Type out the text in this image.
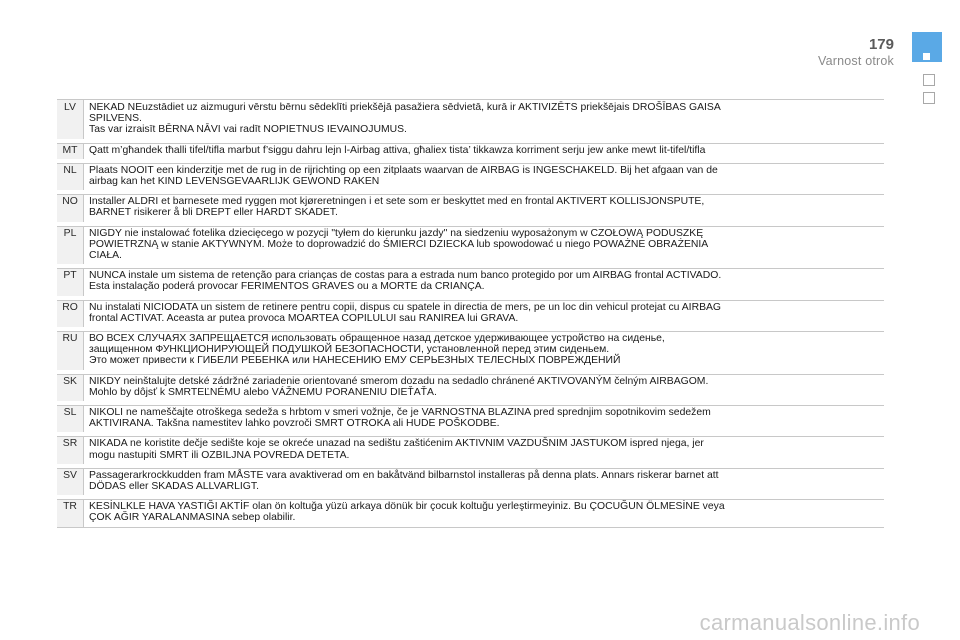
179
Varnost otrok
LV	NEKAD NEuzstādiet uz aizmuguri vērstu bērnu sēdeklīti priekšējā pasažiera sēdvietā, kurā ir AKTIVIZĒTS priekšējais DROŠĪBAS GAISA
SPILVENS.
Tas var izraisīt BĒRNA NĀVI vai radīt NOPIETNUS IEVAINOJUMUS.

MT	Qatt m’għandek tħalli tifel/tifla marbut f’siggu dahru lejn l-Airbag attiva, għaliex tista’ tikkawza korriment serju jew anke mewt lit-tifel/tifla

NL	Plaats NOOIT een kinderzitje met de rug in de rijrichting op een zitplaats waarvan de AIRBAG is INGESCHAKELD. Bij het afgaan van de
airbag kan het KIND LEVENSGEVAARLIJK GEWOND RAKEN

NO	Installer ALDRI et barnesete med ryggen mot kjøreretningen i et sete som er beskyttet med en frontal AKTIVERT KOLLISJONSPUTE,
BARNET risikerer å bli DREPT eller HARDT SKADET.

PL	NIGDY nie instalować fotelika dziecięcego w pozycji "tyłem do kierunku jazdy" na siedzeniu wyposażonym w CZOŁOWĄ PODUSZKĘ
POWIETRZNĄ w stanie AKTYWNYM. Może to doprowadzić do ŚMIERCI DZIECKA lub spowodować u niego POWAŻNE OBRAŻENIA
CIAŁA.

PT	NUNCA instale um sistema de retenção para crianças de costas para a estrada num banco protegido por um AIRBAG frontal ACTIVADO.
Esta instalação poderá provocar FERIMENTOS GRAVES ou a MORTE da CRIANÇA.

RO	Nu instalati NICIODATA un sistem de retinere pentru copii, dispus cu spatele in directia de mers, pe un loc din vehicul protejat cu AIRBAG
frontal ACTIVAT. Aceasta ar putea provoca MOARTEA COPILULUI sau RANIREA lui GRAVA.

RU	ВО ВСЕХ СЛУЧАЯХ ЗАПРЕЩАЕТСЯ использовать обращенное назад детское удерживающее устройство на сиденье,
защищенном ФУНКЦИОНИРУЮЩЕЙ ПОДУШКОЙ БЕЗОПАСНОСТИ, установленной перед этим сиденьем.
Это может привести к ГИБЕЛИ РЕБЕНКА или НАНЕСЕНИЮ ЕМУ СЕРЬЕЗНЫХ ТЕЛЕСНЫХ ПОВРЕЖДЕНИЙ

SK	NIKDY neinštalujte detské zádržné zariadenie orientované smerom dozadu na sedadlo chránené AKTIVOVANÝM čelným AIRBAGOM.
Mohlo by dôjsť k SMRTEĽNÉMU alebo VÁŽNEMU PORANENIU DIEŤAŤA.

SL	NIKOLI ne nameščajte otroškega sedeža s hrbtom v smeri vožnje, če je VARNOSTNA BLAZINA pred sprednjim sopotnikovim sedežem
AKTIVIRANA. Takšna namestitev lahko povzroči SMRT OTROKA ali HUDE POŠKODBE.

SR	NIKADA ne koristite dečje sedište koje se okreće unazad na sedištu zaštićenim AKTIVNIM VAZDUŠNIM JASTUKOM ispred njega, jer
mogu nastupiti SMRT ili OZBILJNA POVREDA DETETA.

SV	Passagerarkrockkudden fram MÅSTE vara avaktiverad om en bakåtvänd bilbarnstol installeras på denna plats. Annars riskerar barnet att
DÖDAS eller SKADAS ALLVARLIGT.

TR	KESİNLKLE HAVA YASTIĞI AKTİF olan ön koltuğa yüzü arkaya dönük bir çocuk koltuğu yerleştirmeyiniz. Bu ÇOCUĞUN ÖLMESİNE veya
ÇOK AĞIR YARALANMASINA sebep olabilir.
carmanualsonline.info
